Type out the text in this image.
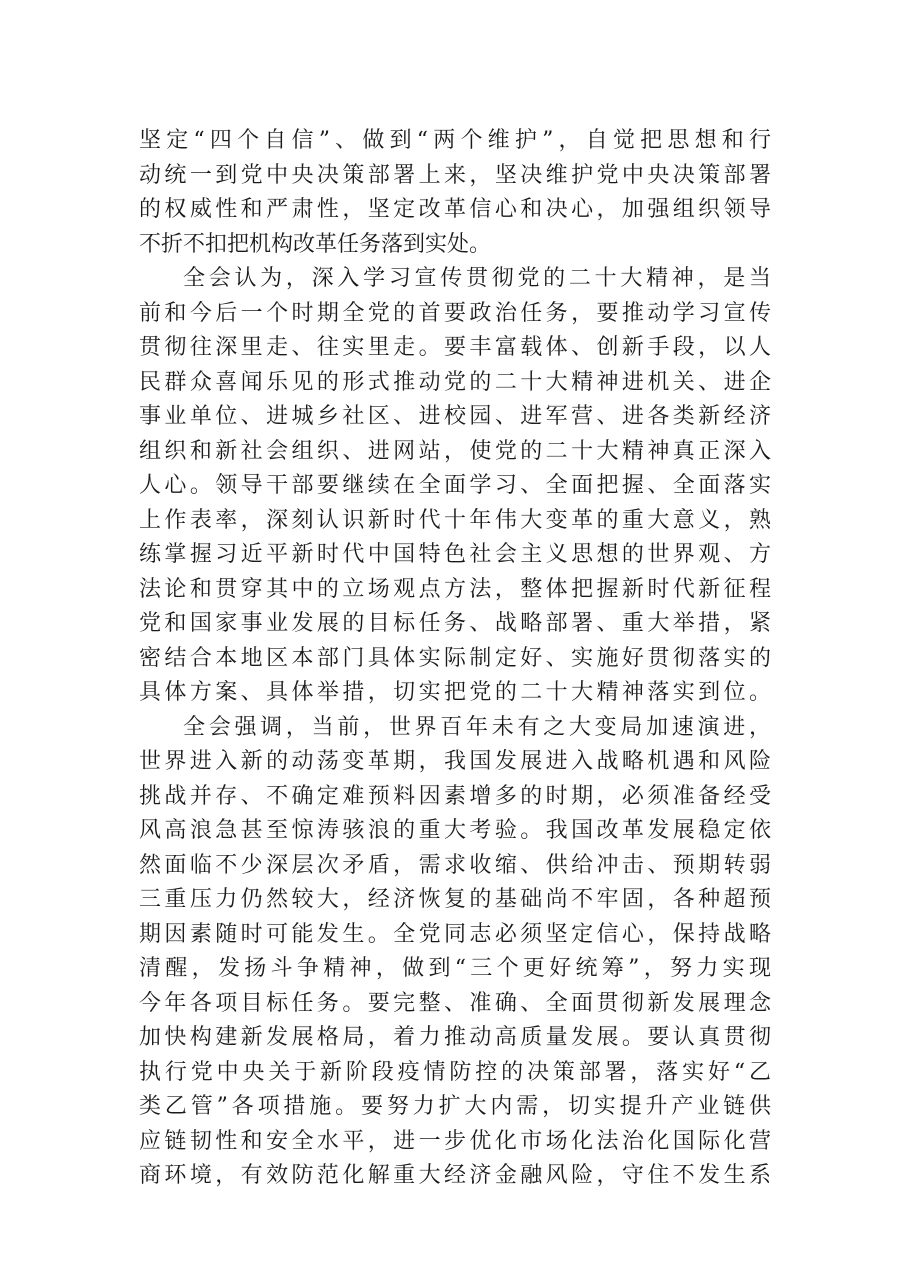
坚定“四个自信”、做到“两个维护”，自觉把思想和行
动统一到党中央决策部署上来，坚决维护党中央决策部署
的权威性和严肃性，坚定改革信心和决心，加强组织领导
不折不扣把机构改革任务落到实处。
全会认为，深入学习宣传贯彻党的二十大精神，是当
前和今后一个时期全党的首要政治任务，要推动学习宣传
贯彻往深里走、往实里走。要丰富载体、创新手段，以人
民群众喜闻乐见的形式推动党的二十大精神进机关、进企
事业单位、进城乡社区、进校园、进军营、进各类新经济
组织和新社会组织、进网站，使党的二十大精神真正深入
人心。领导干部要继续在全面学习、全面把握、全面落实
上作表率，深刻认识新时代十年伟大变革的重大意义，熟
练掌握习近平新时代中国特色社会主义思想的世界观、方
法论和贯穿其中的立场观点方法，整体把握新时代新征程
党和国家事业发展的目标任务、战略部署、重大举措，紧
密结合本地区本部门具体实际制定好、实施好贯彻落实的
具体方案、具体举措，切实把党的二十大精神落实到位。
全会强调，当前，世界百年未有之大变局加速演进，
世界进入新的动荡变革期，我国发展进入战略机遇和风险
挑战并存、不确定难预料因素增多的时期，必须准备经受
风高浪急甚至惊涛骇浪的重大考验。我国改革发展稳定依
然面临不少深层次矛盾，需求收缩、供给冲击、预期转弱
三重压力仍然较大，经济恢复的基础尚不牢固，各种超预
期因素随时可能发生。全党同志必须坚定信心，保持战略
清醒，发扬斗争精神，做到“三个更好统筹”，努力实现
今年各项目标任务。要完整、准确、全面贯彻新发展理念
加快构建新发展格局，着力推动高质量发展。要认真贯彻
执行党中央关于新阶段疫情防控的决策部署，落实好“乙
类乙管”各项措施。要努力扩大内需，切实提升产业链供
应链韧性和安全水平，进一步优化市场化法治化国际化营
商环境，有效防范化解重大经济金融风险，守住不发生系
